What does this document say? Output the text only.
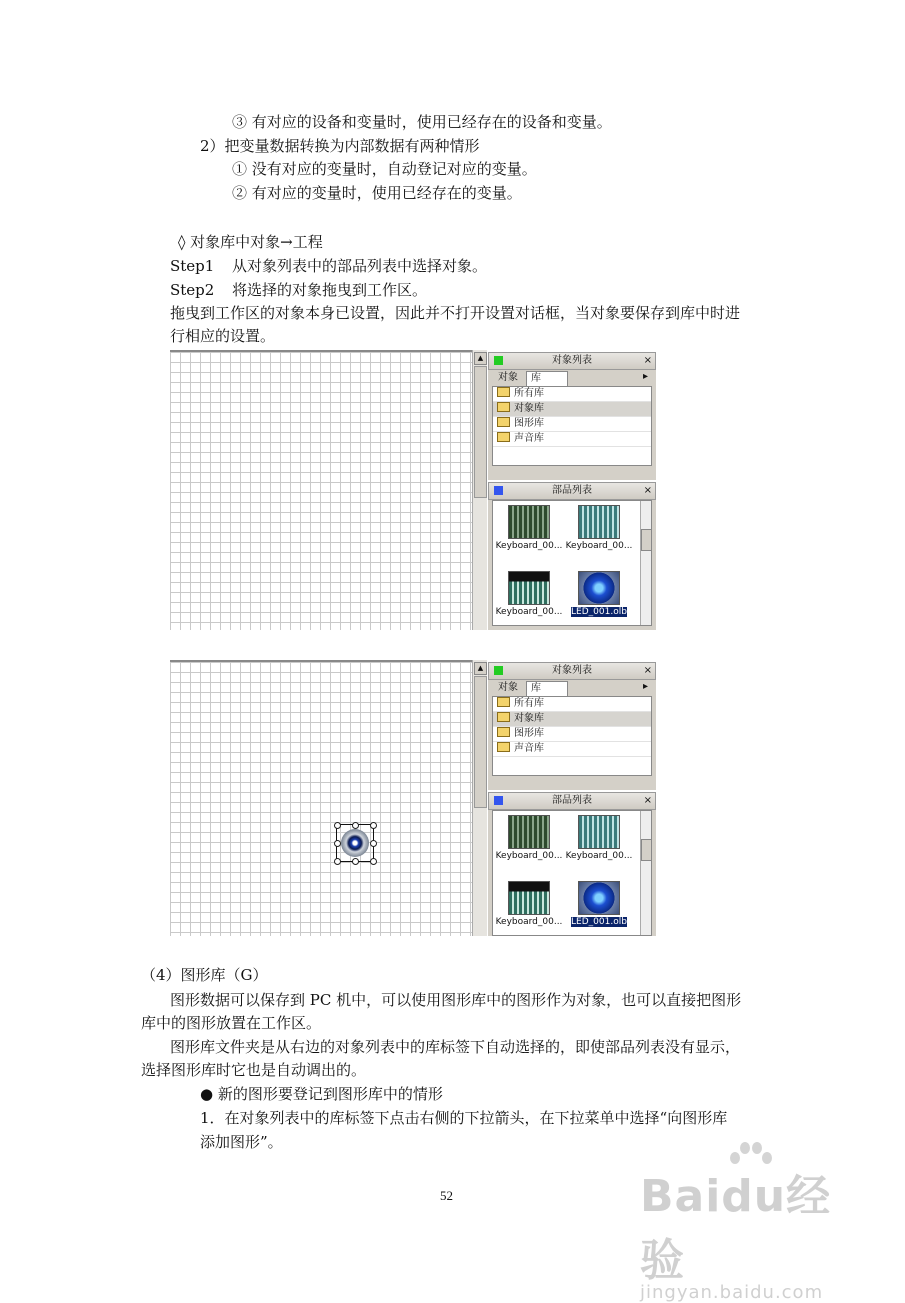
③ 有对应的设备和变量时，使用已经存在的设备和变量。
2）把变量数据转换为内部数据有两种情形
① 没有对应的变量时，自动登记对应的变量。
② 有对应的变量时，使用已经存在的变量。
◊ 对象库中对象→工程
Step1 从对象列表中的部品列表中选择对象。
Step2 将选择的对象拖曳到工作区。
拖曳到工作区的对象本身已设置，因此并不打开设置对话框，当对象要保存到库中时进
行相应的设置。
▲	对象列表	×
对象	库	▸
所有库
对象库
图形库
声音库
部品列表	×
Keyboard_00... Keyboard_00...
Keyboard_00... LED_001.olb
▲	对象列表	×
对象	库	▸
所有库
对象库
图形库
声音库
部品列表	×
Keyboard_00... Keyboard_00...
Keyboard_00... LED_001.olb
（4）图形库（G）
图形数据可以保存到 PC 机中，可以使用图形库中的图形作为对象，也可以直接把图形
库中的图形放置在工作区。
图形库文件夹是从右边的对象列表中的库标签下自动选择的，即使部品列表没有显示，
选择图形库时它也是自动调出的。
● 新的图形要登记到图形库中的情形
1．在对象列表中的库标签下点击右侧的下拉箭头，在下拉菜单中选择“向图形库
添加图形”。
52	Baidu经验
jingyan.baidu.com
